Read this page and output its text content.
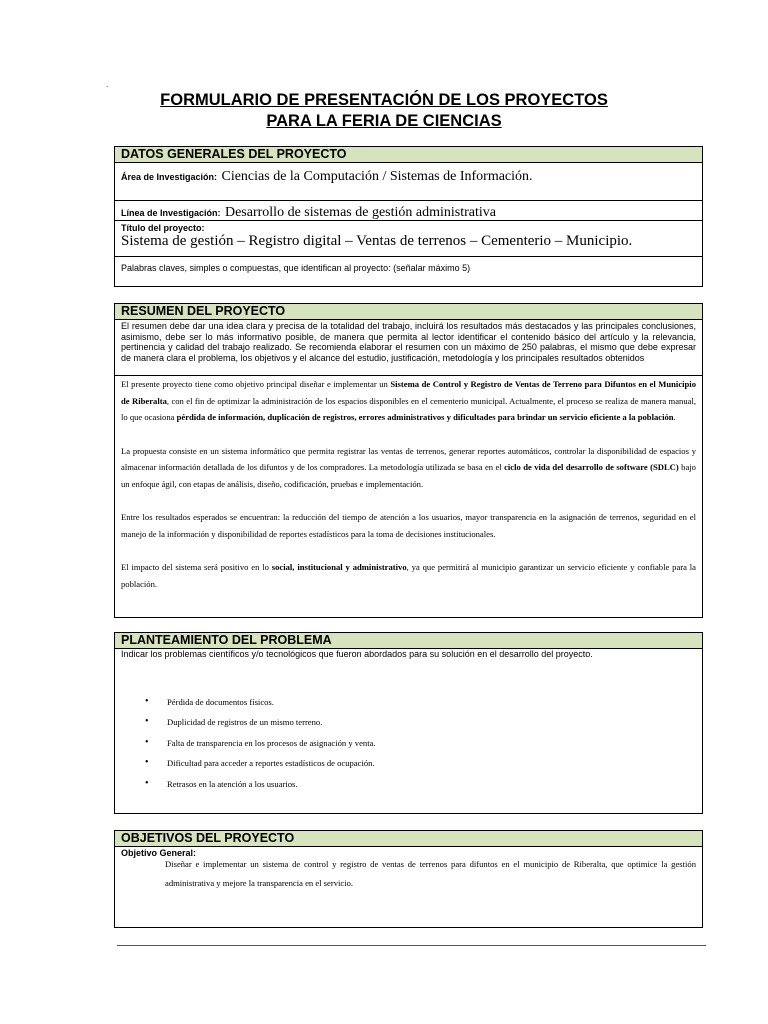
.
FORMULARIO DE PRESENTACIÓN DE LOS PROYECTOS
PARA LA FERIA DE CIENCIAS
DATOS GENERALES DEL PROYECTO
Área de Investigación: Ciencias de la Computación / Sistemas de Información.
Línea de Investigación: Desarrollo de sistemas de gestión administrativa
Título del proyecto:
Sistema de gestión – Registro digital – Ventas de terrenos – Cementerio – Municipio.
Palabras claves, simples o compuestas, que identifican al proyecto: (señalar máximo 5)
RESUMEN DEL PROYECTO
El resumen debe dar una idea clara y precisa de la totalidad del trabajo, incluirá los resultados más destacados y las principales conclusiones, asimismo, debe ser lo más informativo posible, de manera que permita al lector identificar el contenido básico del artículo y la relevancia, pertinencia y calidad del trabajo realizado. Se recomienda elaborar el resumen con un máximo de 250 palabras, el mismo que debe expresar de manera clara el problema, los objetivos y el alcance del estudio, justificación, metodología y los principales resultados obtenidos

El presente proyecto tiene como objetivo principal diseñar e implementar un Sistema de Control y Registro de Ventas de Terreno para Difuntos en el Municipio de Riberalta, con el fin de optimizar la administración de los espacios disponibles en el cementerio municipal. Actualmente, el proceso se realiza de manera manual, lo que ocasiona pérdida de información, duplicación de registros, errores administrativos y dificultades para brindar un servicio eficiente a la población.

La propuesta consiste en un sistema informático que permita registrar las ventas de terrenos, generar reportes automáticos, controlar la disponibilidad de espacios y almacenar información detallada de los difuntos y de los compradores. La metodología utilizada se basa en el ciclo de vida del desarrollo de software (SDLC) bajo un enfoque ágil, con etapas de análisis, diseño, codificación, pruebas e implementación.

Entre los resultados esperados se encuentran: la reducción del tiempo de atención a los usuarios, mayor transparencia en la asignación de terrenos, seguridad en el manejo de la información y disponibilidad de reportes estadísticos para la toma de decisiones institucionales.

El impacto del sistema será positivo en lo social, institucional y administrativo, ya que permitirá al municipio garantizar un servicio eficiente y confiable para la población.

PLANTEAMIENTO DEL PROBLEMA
Indicar los problemas científicos y/o tecnológicos que fueron abordados para su solución en el desarrollo del proyecto.
• Pérdida de documentos físicos.
• Duplicidad de registros de un mismo terreno.
• Falta de transparencia en los procesos de asignación y venta.
• Dificultad para acceder a reportes estadísticos de ocupación.
• Retrasos en la atención a los usuarios.
OBJETIVOS DEL PROYECTO
Objetivo General:

Diseñar e implementar un sistema de control y registro de ventas de terrenos para difuntos en el municipio de Riberalta, que optimice la gestión administrativa y mejore la transparencia en el servicio.
